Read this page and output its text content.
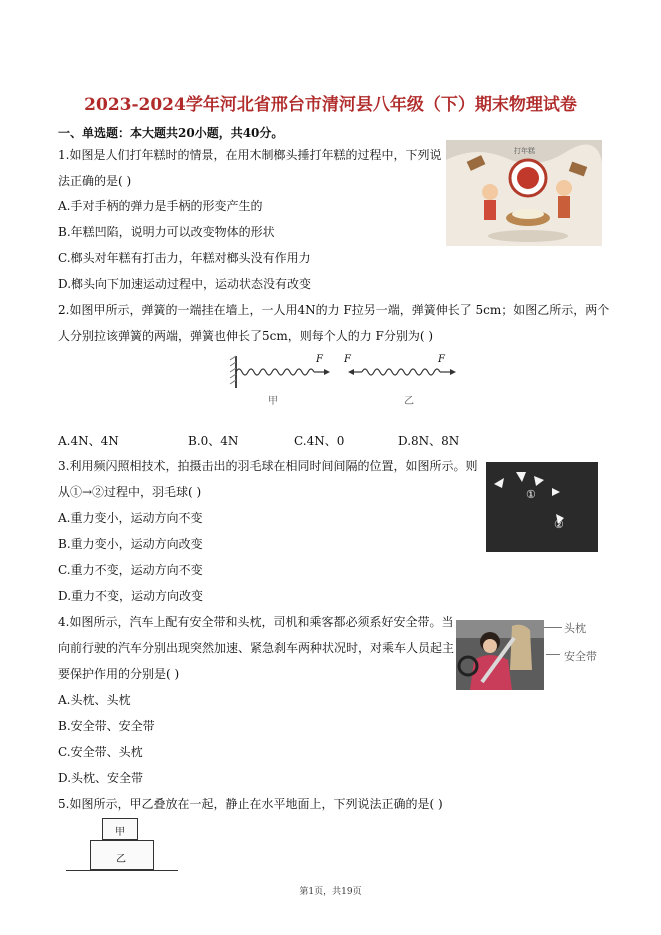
2023-2024学年河北省邢台市清河县八年级（下）期末物理试卷
一、单选题：本大题共20小题，共40分。
1.如图是人们打年糕时的情景，在用木制榔头捶打年糕的过程中，下列说
法正确的是( )
A.手对手柄的弹力是手柄的形变产生的
B.年糕凹陷，说明力可以改变物体的形状
C.榔头对年糕有打击力，年糕对榔头没有作用力
D.榔头向下加速运动过程中，运动状态没有改变
打年糕
2.如图甲所示，弹簧的一端挂在墙上，一人用4N的力 F拉另一端，弹簧伸长了 5cm；如图乙所示，两个
人分别拉该弹簧的两端，弹簧也伸长了5cm，则每个人的力 F分别为( )
F F	F
甲	乙
A.4N、4N	B.0、4N	C.4N、0	D.8N、8N
3.利用频闪照相技术，拍摄击出的羽毛球在相同时间间隔的位置，如图所示。则
从①→②过程中，羽毛球( )
A.重力变小，运动方向不变
B.重力变小，运动方向改变
C.重力不变，运动方向不变
D.重力不变，运动方向改变
①
②
4.如图所示，汽车上配有安全带和头枕，司机和乘客都必须系好安全带。当
向前行驶的汽车分别出现突然加速、紧急刹车两种状况时，对乘车人员起主
要保护作用的分别是( )
A.头枕、头枕
B.安全带、安全带
C.安全带、头枕
D.头枕、安全带
头枕
安全带
5.如图所示，甲乙叠放在一起，静止在水平地面上，下列说法正确的是( )
甲
乙
第1页，共19页
